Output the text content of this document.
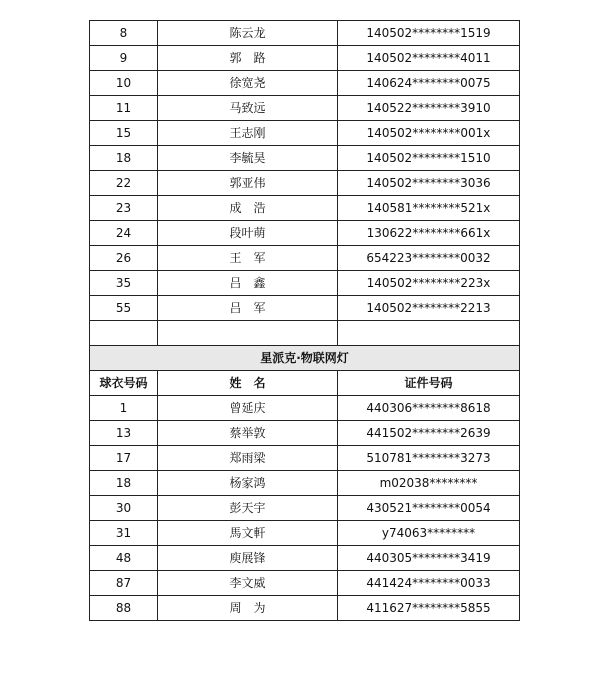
8	陈云龙	140502********1519
9	郭　路	140502********4011
10	徐宽尧	140624********0075
11	马致远	140522********3910
15	王志刚	140502********001x
18	李毓昊	140502********1510
22	郭亚伟	140502********3036
23	成　浩	140581********521x
24	段叶萌	130622********661x
26	王　军	654223********0032
35	吕　鑫	140502********223x
55	吕　军	140502********2213

星派克·物联网灯		
球衣号码	姓　名	证件号码
1	曾延庆	440306********8618
13	蔡举敦	441502********2639
17	郑雨梁	510781********3273
18	杨家鸿	m02038********
30	彭天宇	430521********0054
31	馬文軒	y74063********
48	庾展锋	440305********3419
87	李文威	441424********0033
88	周　为	411627********5855
